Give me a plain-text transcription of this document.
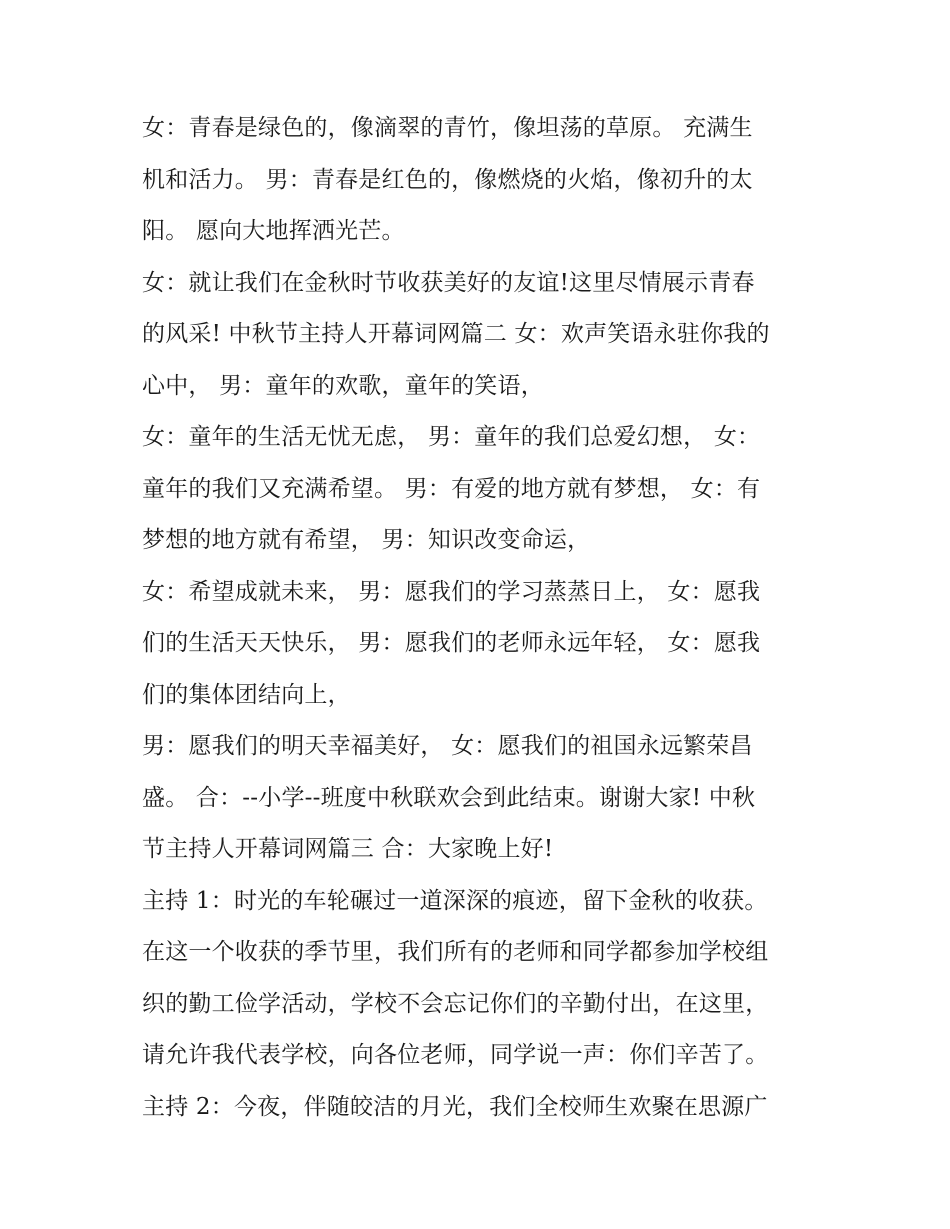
女：青春是绿色的，像滴翠的青竹，像坦荡的草原。 充满生
机和活力。 男：青春是红色的，像燃烧的火焰，像初升的太
阳。 愿向大地挥洒光芒。

女：就让我们在金秋时节收获美好的友谊!这里尽情展示青春
的风采! 中秋节主持人开幕词网篇二 女：欢声笑语永驻你我的
心中， 男：童年的欢歌，童年的笑语，

女：童年的生活无忧无虑， 男：童年的我们总爱幻想， 女：
童年的我们又充满希望。 男：有爱的地方就有梦想， 女：有
梦想的地方就有希望， 男：知识改变命运，

女：希望成就未来， 男：愿我们的学习蒸蒸日上， 女：愿我
们的生活天天快乐， 男：愿我们的老师永远年轻， 女：愿我
们的集体团结向上，

男：愿我们的明天幸福美好， 女：愿我们的祖国永远繁荣昌
盛。 合：--小学--班度中秋联欢会到此结束。谢谢大家! 中秋
节主持人开幕词网篇三 合：大家晚上好!

主持 1：时光的车轮碾过一道深深的痕迹，留下金秋的收获。
在这一个收获的季节里，我们所有的老师和同学都参加学校组
织的勤工俭学活动，学校不会忘记你们的辛勤付出，在这里，
请允许我代表学校，向各位老师，同学说一声：你们辛苦了。

主持 2：今夜，伴随皎洁的月光，我们全校师生欢聚在思源广
